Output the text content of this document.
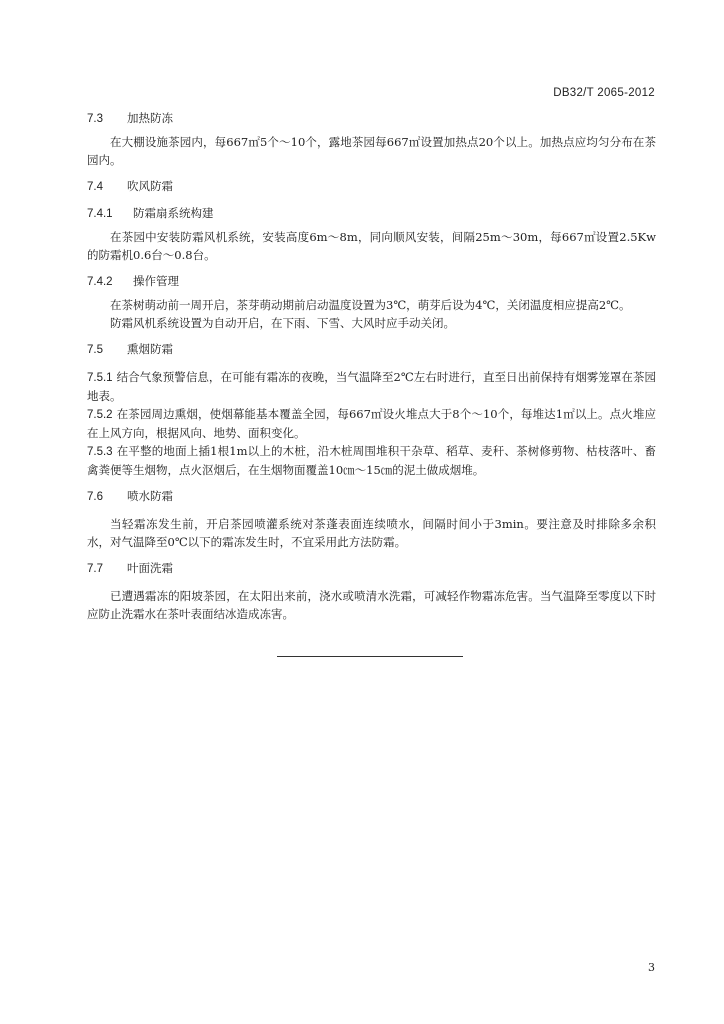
DB32/T 2065-2012
7.3 加热防冻

在大棚设施茶园内，每667㎡5个～10个，露地茶园每667㎡设置加热点20个以上。加热点应均匀分布在茶园内。

7.4 吹风防霜
7.4.1 防霜扇系统构建

在茶园中安装防霜风机系统，安装高度6m～8m，同向顺风安装，间隔25m～30m，每667㎡设置2.5Kw的防霜机0.6台～0.8台。

7.4.2 操作管理

在茶树萌动前一周开启，茶芽萌动期前启动温度设置为3℃，萌芽后设为4℃，关闭温度相应提高2℃。

防霜风机系统设置为自动开启，在下雨、下雪、大风时应手动关闭。

7.5 熏烟防霜

7.5.1 结合气象预警信息，在可能有霜冻的夜晚，当气温降至2℃左右时进行，直至日出前保持有烟雾笼罩在茶园地表。

7.5.2 在茶园周边熏烟，使烟幕能基本覆盖全园，每667㎡设火堆点大于8个～10个，每堆达1㎡以上。点火堆应在上风方向，根据风向、地势、面积变化。

7.5.3 在平整的地面上插1根1m以上的木桩，沿木桩周围堆积干杂草、稻草、麦秆、茶树修剪物、枯枝落叶、畜禽粪便等生烟物，点火沤烟后，在生烟物面覆盖10㎝～15㎝的泥土做成烟堆。

7.6 喷水防霜

当轻霜冻发生前，开启茶园喷灌系统对茶蓬表面连续喷水，间隔时间小于3min。要注意及时排除多余积水，对气温降至0℃以下的霜冻发生时，不宜采用此方法防霜。

7.7 叶面洗霜

已遭遇霜冻的阳坡茶园，在太阳出来前，浇水或喷清水洗霜，可减轻作物霜冻危害。当气温降至零度以下时应防止洗霜水在茶叶表面结冰造成冻害。

3
